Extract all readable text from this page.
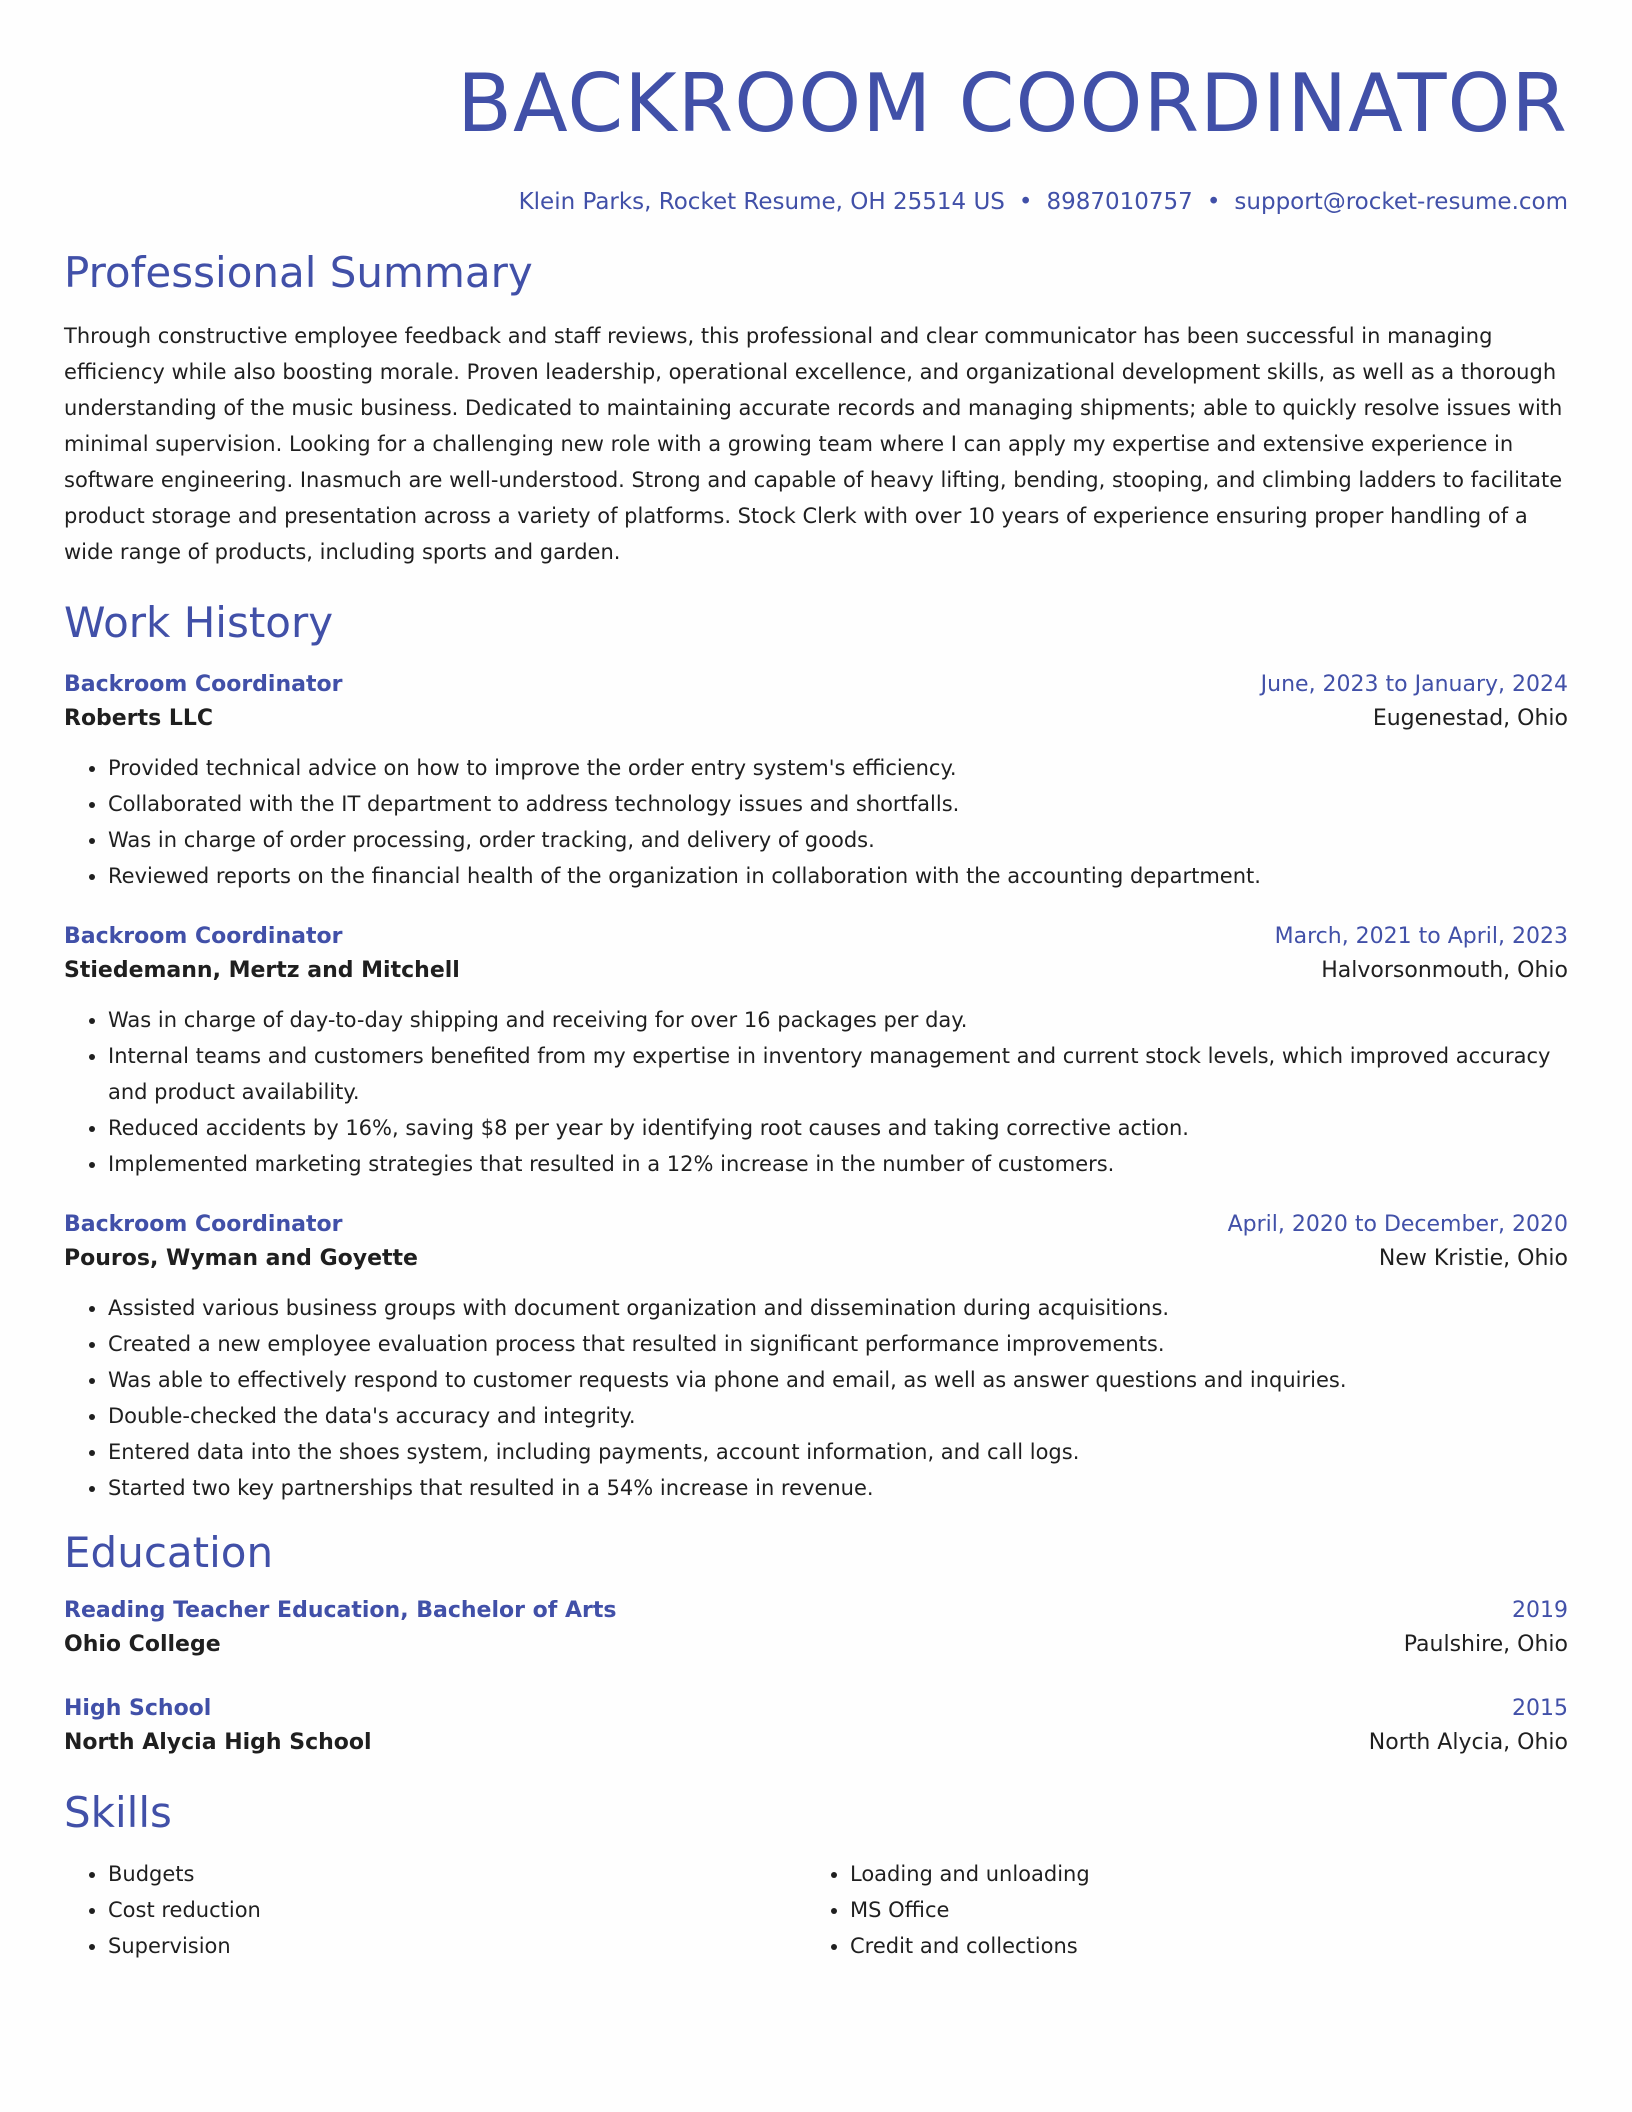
BACKROOM COORDINATOR
Klein Parks, Rocket Resume, OH 25514 US • 8987010757 • support@rocket-resume.com
Professional Summary
Through constructive employee feedback and staff reviews, this professional and clear communicator has been successful in managing efficiency while also boosting morale. Proven leadership, operational excellence, and organizational development skills, as well as a thorough understanding of the music business. Dedicated to maintaining accurate records and managing shipments; able to quickly resolve issues with minimal supervision. Looking for a challenging new role with a growing team where I can apply my expertise and extensive experience in software engineering. Inasmuch are well-understood. Strong and capable of heavy lifting, bending, stooping, and climbing ladders to facilitate product storage and presentation across a variety of platforms. Stock Clerk with over 10 years of experience ensuring proper handling of a wide range of products, including sports and garden.
Work History
Backroom Coordinator	June, 2023 to January, 2024
Roberts LLC	Eugenestad, Ohio
• Provided technical advice on how to improve the order entry system's efficiency.
• Collaborated with the IT department to address technology issues and shortfalls.
• Was in charge of order processing, order tracking, and delivery of goods.
• Reviewed reports on the financial health of the organization in collaboration with the accounting department.
Backroom Coordinator	March, 2021 to April, 2023
Stiedemann, Mertz and Mitchell	Halvorsonmouth, Ohio
• Was in charge of day-to-day shipping and receiving for over 16 packages per day.
• Internal teams and customers benefited from my expertise in inventory management and current stock levels, which improved accuracy and product availability.
• Reduced accidents by 16%, saving $8 per year by identifying root causes and taking corrective action.
• Implemented marketing strategies that resulted in a 12% increase in the number of customers.
Backroom Coordinator	April, 2020 to December, 2020
Pouros, Wyman and Goyette	New Kristie, Ohio
• Assisted various business groups with document organization and dissemination during acquisitions.
• Created a new employee evaluation process that resulted in significant performance improvements.
• Was able to effectively respond to customer requests via phone and email, as well as answer questions and inquiries.
• Double-checked the data's accuracy and integrity.
• Entered data into the shoes system, including payments, account information, and call logs.
• Started two key partnerships that resulted in a 54% increase in revenue.
Education
Reading Teacher Education, Bachelor of Arts	2019
Ohio College	Paulshire, Ohio
High School	2015
North Alycia High School	North Alycia, Ohio
Skills
• Budgets
• Cost reduction
• Supervision
• Loading and unloading
• MS Office
• Credit and collections
